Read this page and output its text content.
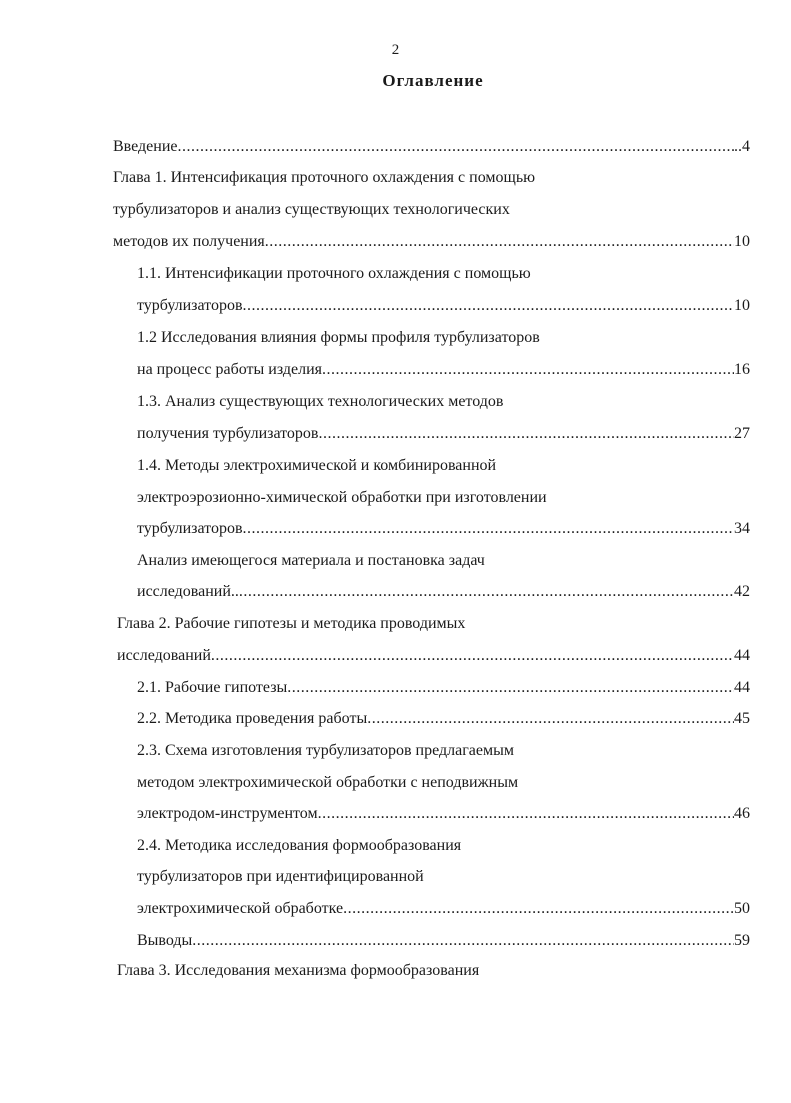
2
Оглавление
Введение .....	..4
Глава 1. Интенсификация проточного охлаждения с помощью
турбулизаторов и анализ существующих технологических
методов их получения .....	10
1.1. Интенсификации проточного охлаждения с помощью
турбулизаторов .....	10
1.2 Исследования влияния формы профиля турбулизаторов
на процесс работы изделия .....	16
1.3. Анализ существующих технологических методов
получения турбулизаторов .....	27
1.4. Методы электрохимической и комбинированной
электроэрозионно-химической обработки при изготовлении
турбулизаторов .....	34
Анализ имеющегося материала и постановка задач
исследований.. .....	42
Глава 2. Рабочие гипотезы и методика проводимых
исследований .....	44
2.1. Рабочие гипотезы .....	44
2.2. Методика проведения работы .....	45
2.3. Схема изготовления турбулизаторов предлагаемым
методом электрохимической обработки с неподвижным
электродом-инструментом .....	46
2.4. Методика исследования формообразования
турбулизаторов при идентифицированной
электрохимической обработке .....	50
Выводы .....	59
Глава 3. Исследования механизма формообразования
